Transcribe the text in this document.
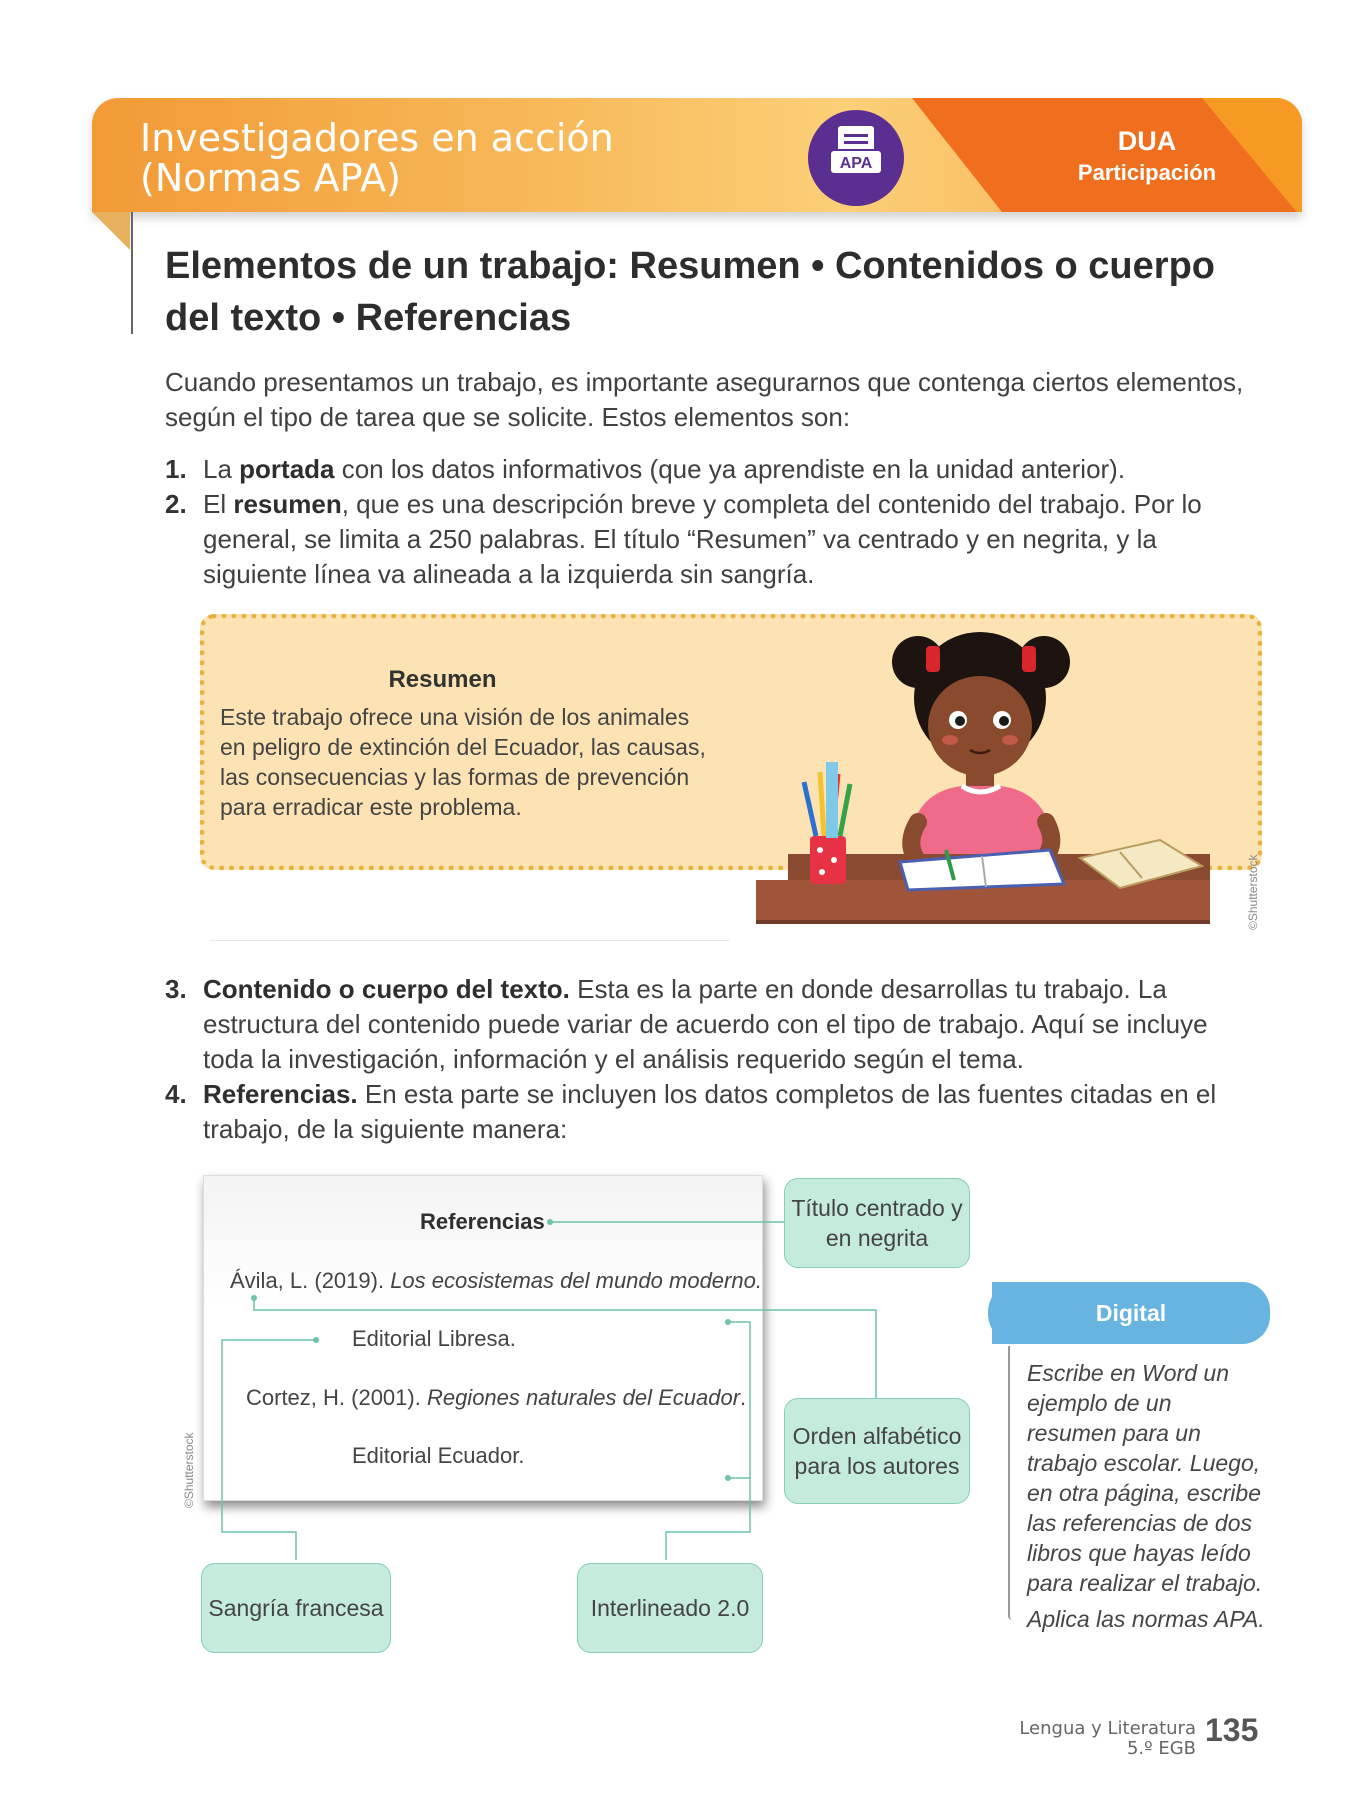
Investigadores en acción
(Normas APA)
DUA
Participación
APA
Elementos de un trabajo: Resumen • Contenidos o cuerpo
del texto • Referencias
Cuando presentamos un trabajo, es importante asegurarnos que contenga ciertos elementos, según el tipo de tarea que se solicite. Estos elementos son:
1. La portada con los datos informativos (que ya aprendiste en la unidad anterior).
2. El resumen, que es una descripción breve y completa del contenido del trabajo. Por lo general, se limita a 250 palabras. El título “Resumen” va centrado y en negrita, y la siguiente línea va alineada a la izquierda sin sangría.
Resumen
Este trabajo ofrece una visión de los animales en peligro de extinción del Ecuador, las causas, las consecuencias y las formas de prevención para erradicar este problema.
©Shutterstock
3. Contenido o cuerpo del texto. Esta es la parte en donde desarrollas tu trabajo. La estructura del contenido puede variar de acuerdo con el tipo de trabajo. Aquí se incluye toda la investigación, información y el análisis requerido según el tema.
4. Referencias. En esta parte se incluyen los datos completos de las fuentes citadas en el trabajo, de la siguiente manera:
Referencias
Ávila, L. (2019). Los ecosistemas del mundo moderno.
Editorial Libresa.
Cortez, H. (2001). Regiones naturales del Ecuador.
Editorial Ecuador.
©Shutterstock
Título centrado y en negrita
Orden alfabético para los autores
Sangría francesa	Interlineado 2.0
Digital
Escribe en Word un ejemplo de un resumen para un trabajo escolar. Luego, en otra página, escribe las referencias de dos libros que hayas leído para realizar el trabajo.
Aplica las normas APA.
Lengua y Literatura
5.º EGB
135
